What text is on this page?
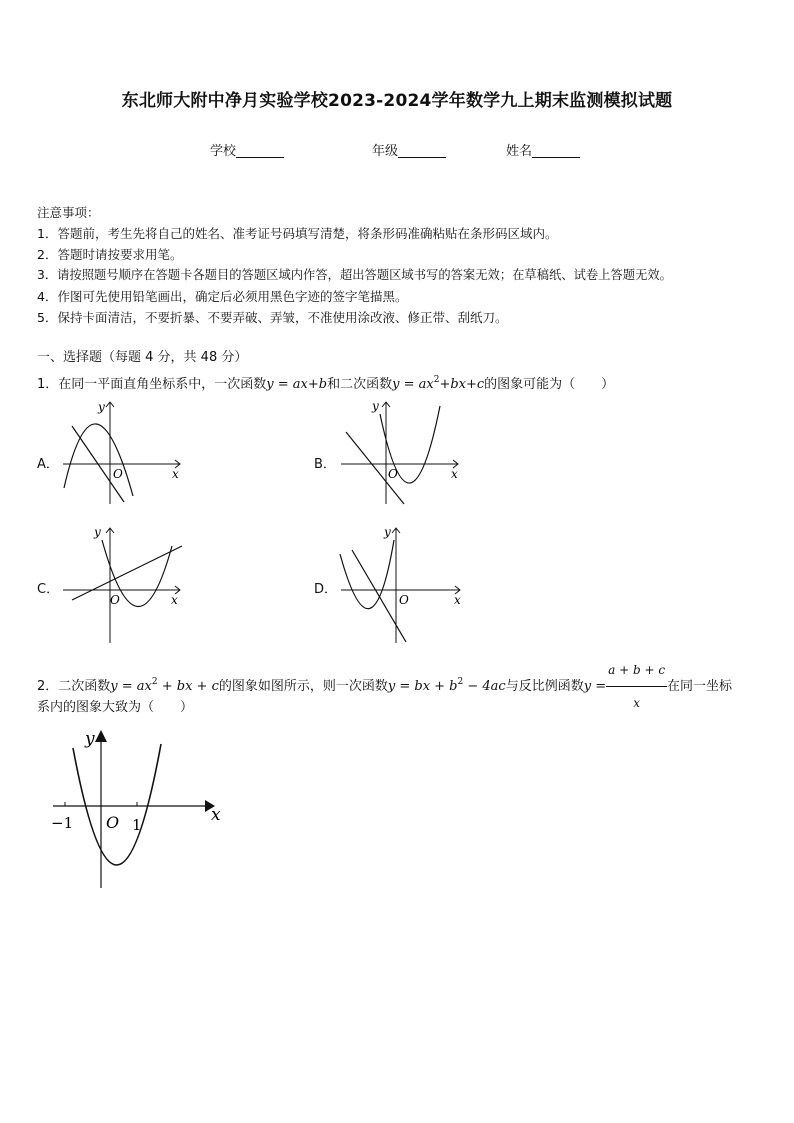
东北师大附中净月实验学校2023-2024学年数学九上期末监测模拟试题
学校	年级	姓名
注意事项：
1．答题前，考生先将自己的姓名、准考证号码填写清楚，将条形码准确粘贴在条形码区域内。
2．答题时请按要求用笔。
3．请按照题号顺序在答题卡各题目的答题区域内作答，超出答题区域书写的答案无效；在草稿纸、试卷上答题无效。
4．作图可先使用铅笔画出，确定后必须用黑色字迹的签字笔描黑。
5．保持卡面清洁，不要折暴、不要弄破、弄皱，不准使用涂改液、修正带、刮纸刀。
一、选择题（每题 4 分，共 48 分）
1．在同一平面直角坐标系中，一次函数y = ax+b和二次函数$y = ax^2+bx+c$的图象可能为（　　）
A．	B．
C．	D．
y
x
O
y
x
O
y
x
O
y
x
O
2．二次函数$y = ax^2$ + bx + c的图象如图所示，则一次函数y = bx + $b^2 - 4ac$与反比例函数$y = \frac{a + b + c}{x}$ 在同一坐标
系内的图象大致为（　　）
y
x
O
−1	1
